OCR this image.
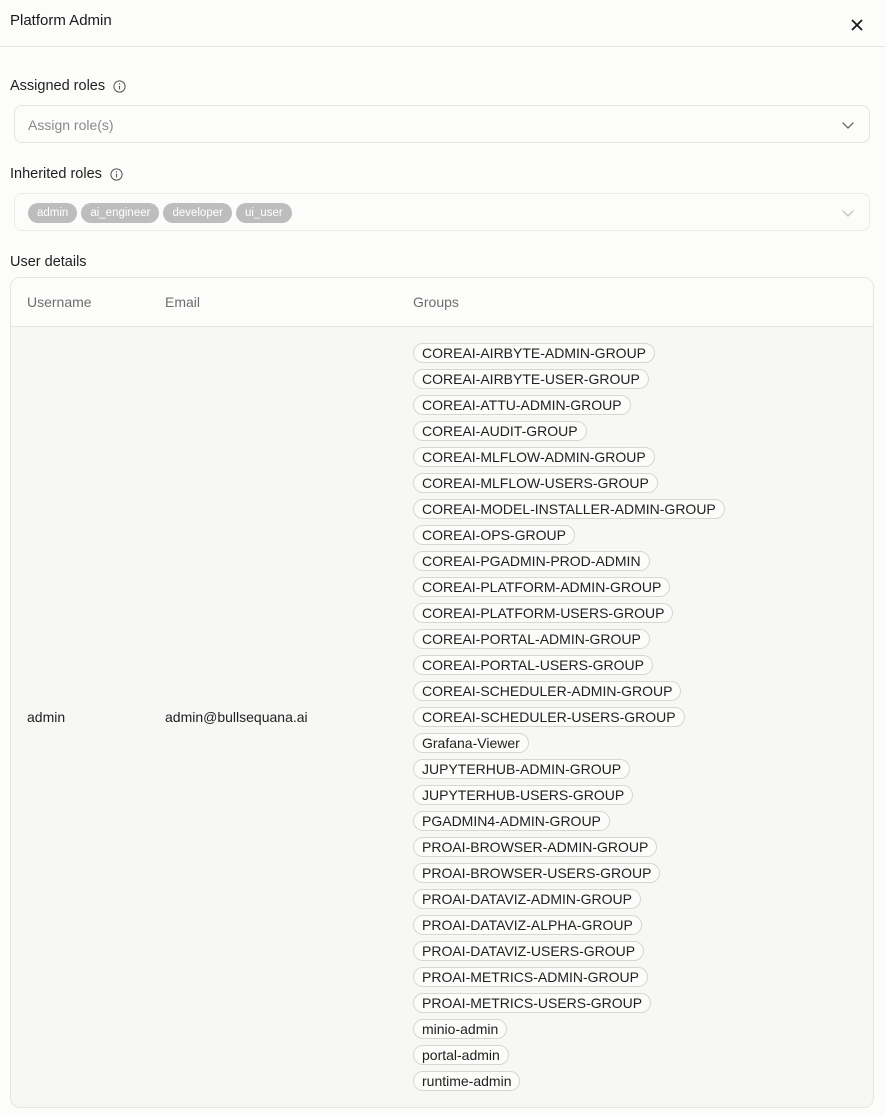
Platform Admin
Assigned roles
Assign role(s)
Inherited roles
admin	ai_engineer	developer	ui_user
User details
Username	Email	Groups
admin	admin@bullsequana.ai
COREAI-AIRBYTE-ADMIN-GROUP
COREAI-AIRBYTE-USER-GROUP
COREAI-ATTU-ADMIN-GROUP
COREAI-AUDIT-GROUP
COREAI-MLFLOW-ADMIN-GROUP
COREAI-MLFLOW-USERS-GROUP
COREAI-MODEL-INSTALLER-ADMIN-GROUP
COREAI-OPS-GROUP
COREAI-PGADMIN-PROD-ADMIN
COREAI-PLATFORM-ADMIN-GROUP
COREAI-PLATFORM-USERS-GROUP
COREAI-PORTAL-ADMIN-GROUP
COREAI-PORTAL-USERS-GROUP
COREAI-SCHEDULER-ADMIN-GROUP
COREAI-SCHEDULER-USERS-GROUP
Grafana-Viewer
JUPYTERHUB-ADMIN-GROUP
JUPYTERHUB-USERS-GROUP
PGADMIN4-ADMIN-GROUP
PROAI-BROWSER-ADMIN-GROUP
PROAI-BROWSER-USERS-GROUP
PROAI-DATAVIZ-ADMIN-GROUP
PROAI-DATAVIZ-ALPHA-GROUP
PROAI-DATAVIZ-USERS-GROUP
PROAI-METRICS-ADMIN-GROUP
PROAI-METRICS-USERS-GROUP
minio-admin
portal-admin
runtime-admin
